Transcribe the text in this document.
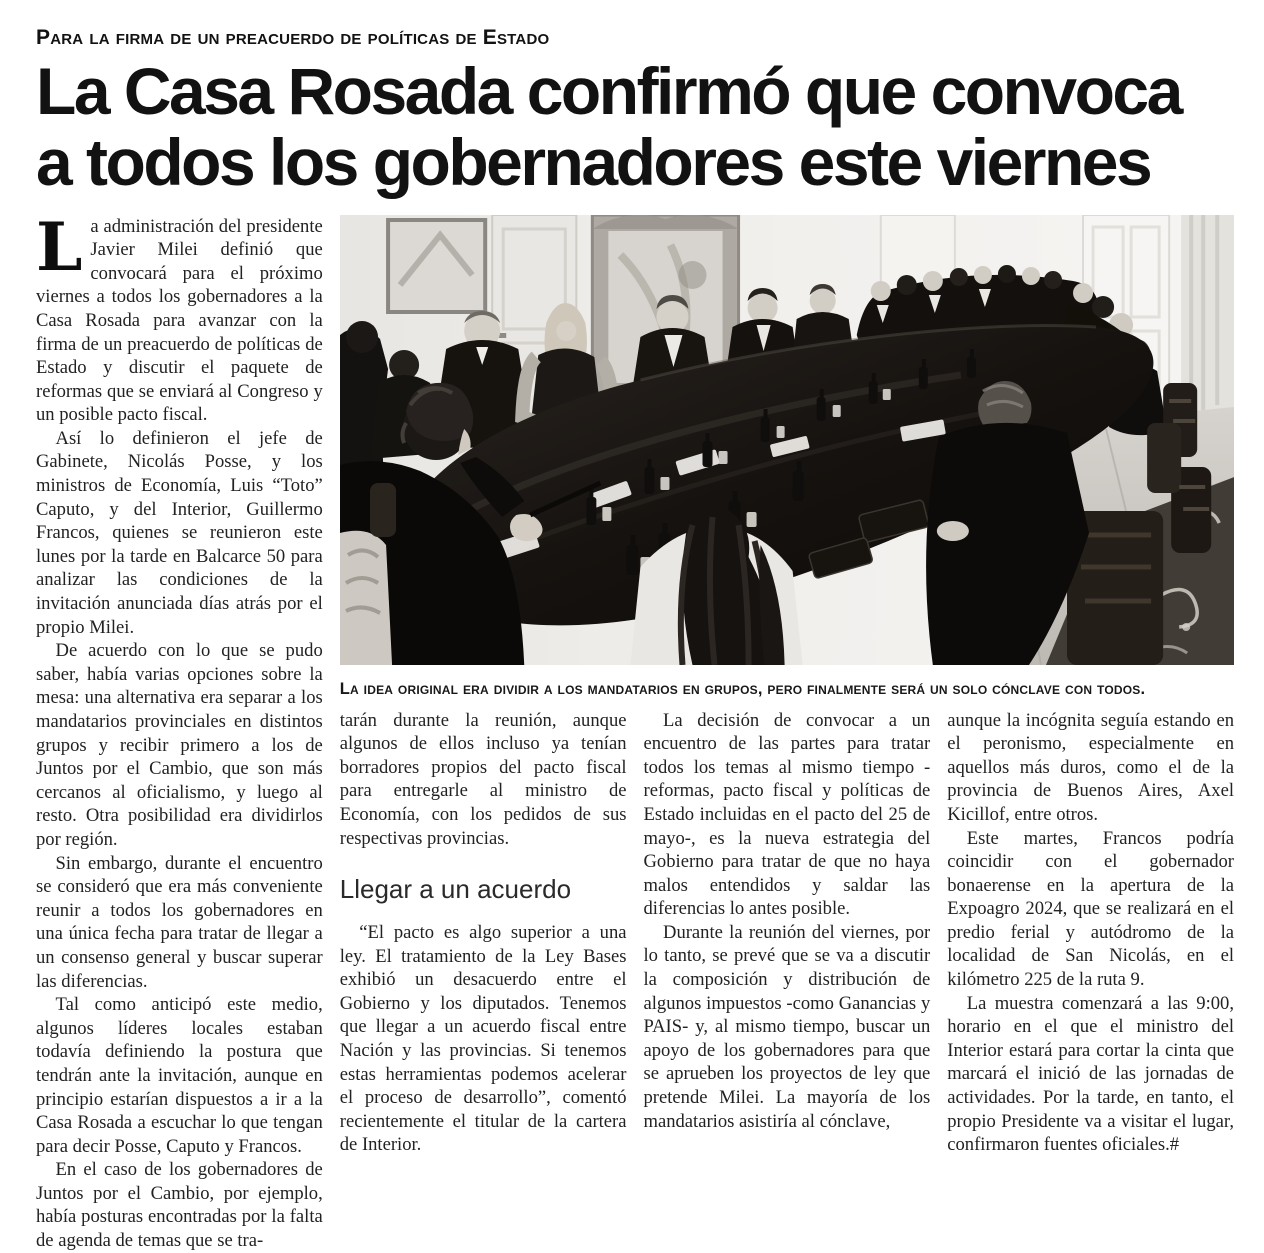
Para la firma de un preacuerdo de políticas de Estado
La Casa Rosada confirmó que convoca
a todos los gobernadores este viernes

La administración del presidente Javier Milei definió que convocará para el próximo viernes a todos los gobernadores a la Casa Rosada para avanzar con la firma de un preacuerdo de políticas de Estado y discutir el paquete de reformas que se enviará al Congreso y un posible pacto fiscal.

Así lo definieron el jefe de Gabinete, Nicolás Posse, y los ministros de Economía, Luis “Toto” Caputo, y del Interior, Guillermo Francos, quienes se reunieron este lunes por la tarde en Balcarce 50 para analizar las condiciones de la invitación anunciada días atrás por el propio Milei.

De acuerdo con lo que se pudo saber, había varias opciones sobre la mesa: una alternativa era separar a los mandatarios provinciales en distintos grupos y recibir primero a los de Juntos por el Cambio, que son más cercanos al oficialismo, y luego al resto. Otra posibilidad era dividirlos por región.

Sin embargo, durante el encuentro se consideró que era más conveniente reunir a todos los gobernadores en una única fecha para tratar de llegar a un consenso general y buscar superar las diferencias.

Tal como anticipó este medio, algunos líderes locales estaban todavía definiendo la postura que tendrán ante la invitación, aunque en principio estarían dispuestos a ir a la Casa Rosada a escuchar lo que tengan para decir Posse, Caputo y Francos.

En el caso de los gobernadores de Juntos por el Cambio, por ejemplo, había posturas encontradas por la falta de agenda de temas que se tra-

La idea original era dividir a los mandatarios en grupos, pero finalmente será un solo cónclave con todos.

tarán durante la reunión, aunque algunos de ellos incluso ya tenían borradores propios del pacto fiscal para entregarle al ministro de Economía, con los pedidos de sus respectivas provincias.

Llegar a un acuerdo

“El pacto es algo superior a una ley. El tratamiento de la Ley Bases exhibió un desacuerdo entre el Gobierno y los diputados. Tenemos que llegar a un acuerdo fiscal entre Nación y las provincias. Si tenemos estas herramientas podemos acelerar el proceso de desarrollo”, comentó recientemente el titular de la cartera de Interior.

La decisión de convocar a un encuentro de las partes para tratar todos los temas al mismo tiempo -reformas, pacto fiscal y políticas de Estado incluidas en el pacto del 25 de mayo-, es la nueva estrategia del Gobierno para tratar de que no haya malos entendidos y saldar las diferencias lo antes posible.

Durante la reunión del viernes, por lo tanto, se prevé que se va a discutir la composición y distribución de algunos impuestos -como Ganancias y PAIS- y, al mismo tiempo, buscar un apoyo de los gobernadores para que se aprueben los proyectos de ley que pretende Milei. La mayoría de los mandatarios asistiría al cónclave,

aunque la incógnita seguía estando en el peronismo, especialmente en aquellos más duros, como el de la provincia de Buenos Aires, Axel Kicillof, entre otros.

Este martes, Francos podría coincidir con el gobernador bonaerense en la apertura de la Expoagro 2024, que se realizará en el predio ferial y autódromo de la localidad de San Nicolás, en el kilómetro 225 de la ruta 9.

La muestra comenzará a las 9:00, horario en el que el ministro del Interior estará para cortar la cinta que marcará el inició de las jornadas de actividades. Por la tarde, en tanto, el propio Presidente va a visitar el lugar, confirmaron fuentes oficiales.#
